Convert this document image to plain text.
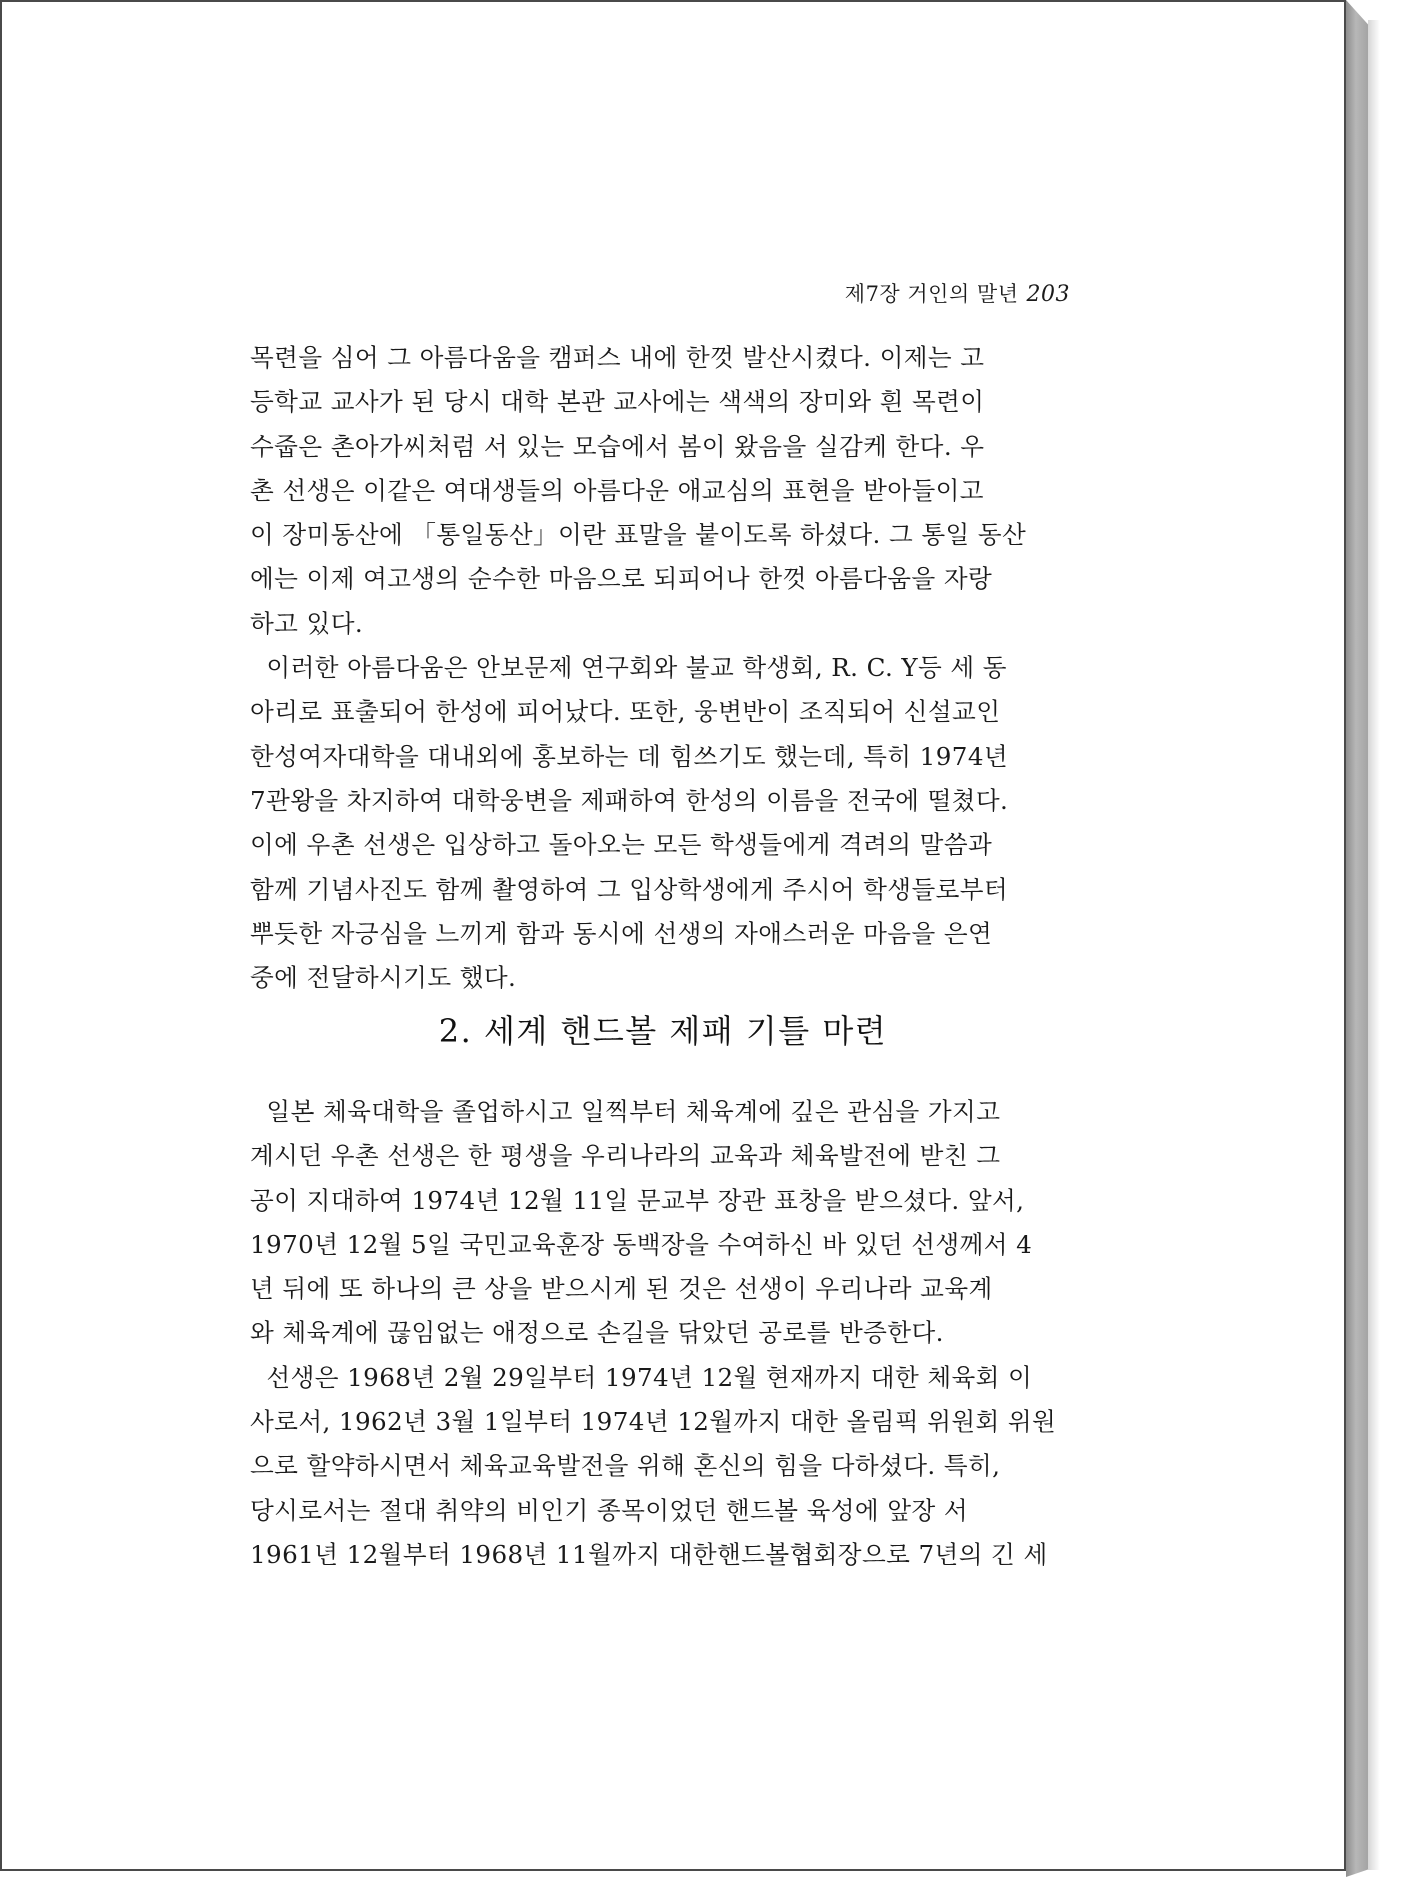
제7장 거인의 말년 203

목련을 심어 그 아름다움을 캠퍼스 내에 한껏 발산시켰다. 이제는 고

등학교 교사가 된 당시 대학 본관 교사에는 색색의 장미와 흰 목련이

수줍은 촌아가씨처럼 서 있는 모습에서 봄이 왔음을 실감케 한다. 우

촌 선생은 이같은 여대생들의 아름다운 애교심의 표현을 받아들이고

이 장미동산에 「통일동산」이란 표말을 붙이도록 하셨다. 그 통일 동산

에는 이제 여고생의 순수한 마음으로 되피어나 한껏 아름다움을 자랑

하고 있다.

이러한 아름다움은 안보문제 연구회와 불교 학생회, R. C. Y등 세 동

아리로 표출되어 한성에 피어났다. 또한, 웅변반이 조직되어 신설교인

한성여자대학을 대내외에 홍보하는 데 힘쓰기도 했는데, 특히 1974년

7관왕을 차지하여 대학웅변을 제패하여 한성의 이름을 전국에 떨쳤다.

이에 우촌 선생은 입상하고 돌아오는 모든 학생들에게 격려의 말씀과

함께 기념사진도 함께 촬영하여 그 입상학생에게 주시어 학생들로부터

뿌듯한 자긍심을 느끼게 함과 동시에 선생의 자애스러운 마음을 은연

중에 전달하시기도 했다.

2. 세계 핸드볼 제패 기틀 마련

일본 체육대학을 졸업하시고 일찍부터 체육계에 깊은 관심을 가지고

계시던 우촌 선생은 한 평생을 우리나라의 교육과 체육발전에 받친 그

공이 지대하여 1974년 12월 11일 문교부 장관 표창을 받으셨다. 앞서,

1970년 12월 5일 국민교육훈장 동백장을 수여하신 바 있던 선생께서 4

년 뒤에 또 하나의 큰 상을 받으시게 된 것은 선생이 우리나라 교육계

와 체육계에 끊임없는 애정으로 손길을 닦았던 공로를 반증한다.

선생은 1968년 2월 29일부터 1974년 12월 현재까지 대한 체육회 이

사로서, 1962년 3월 1일부터 1974년 12월까지 대한 올림픽 위원회 위원

으로 할약하시면서 체육교육발전을 위해 혼신의 힘을 다하셨다. 특히,

당시로서는 절대 취약의 비인기 종목이었던 핸드볼 육성에 앞장 서

1961년 12월부터 1968년 11월까지 대한핸드볼협회장으로 7년의 긴 세
